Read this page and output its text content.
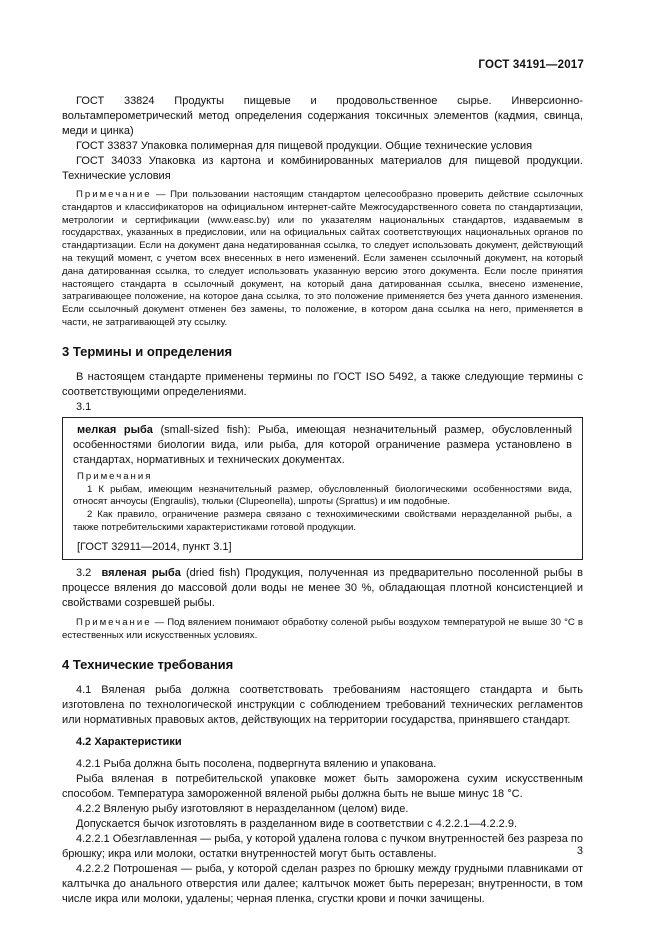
ГОСТ 34191—2017

ГОСТ 33824 Продукты пищевые и продовольственное сырье. Инверсионно-вольтамперометрический метод определения содержания токсичных элементов (кадмия, свинца, меди и цинка)

ГОСТ 33837 Упаковка полимерная для пищевой продукции. Общие технические условия

ГОСТ 34033 Упаковка из картона и комбинированных материалов для пищевой продукции. Технические условия

Примечание — При пользовании настоящим стандартом целесообразно проверить действие ссылочных стандартов и классификаторов на официальном интернет-сайте Межгосударственного совета по стандартизации, метрологии и сертификации (www.easc.by) или по указателям национальных стандартов, издаваемым в государствах, указанных в предисловии, или на официальных сайтах соответствующих национальных органов по стандартизации. Если на документ дана недатированная ссылка, то следует использовать документ, действующий на текущий момент, с учетом всех внесенных в него изменений. Если заменен ссылочный документ, на который дана датированная ссылка, то следует использовать указанную версию этого документа. Если после принятия настоящего стандарта в ссылочный документ, на который дана датированная ссылка, внесено изменение, затрагивающее положение, на которое дана ссылка, то это положение применяется без учета данного изменения. Если ссылочный документ отменен без замены, то положение, в котором дана ссылка на него, применяется в части, не затрагивающей эту ссылку.

3 Термины и определения

В настоящем стандарте применены термины по ГОСТ ISO 5492, а также следующие термины с соответствующими определениями.

3.1

мелкая рыба (small-sized fish): Рыба, имеющая незначительный размер, обусловленный особенностями биологии вида, или рыба, для которой ограничение размера установлено в стандартах, нормативных и технических документах.

Примечания

1 К рыбам, имеющим незначительный размер, обусловленный биологическими особенностями вида, относят анчоусы (Engraulis), тюльки (Clupeonella), шпроты (Sprattus) и им подобные.

2 Как правило, ограничение размера связано с технохимическими свойствами неразделанной рыбы, а также потребительскими характеристиками готовой продукции.

[ГОСТ 32911—2014, пункт 3.1]

3.2 вяленая рыба (dried fish) Продукция, полученная из предварительно посоленной рыбы в процессе вяления до массовой доли воды не менее 30 %, обладающая плотной консистенцией и свойствами созревшей рыбы.

Примечание — Под вялением понимают обработку соленой рыбы воздухом температурой не выше 30 °С в естественных или искусственных условиях.

4 Технические требования

4.1 Вяленая рыба должна соответствовать требованиям настоящего стандарта и быть изготовлена по технологической инструкции с соблюдением требований технических регламентов или нормативных правовых актов, действующих на территории государства, принявшего стандарт.

4.2 Характеристики

4.2.1 Рыба должна быть посолена, подвергнута вялению и упакована.

Рыба вяленая в потребительской упаковке может быть заморожена сухим искусственным способом. Температура замороженной вяленой рыбы должна быть не выше минус 18 °С.

4.2.2 Вяленую рыбу изготовляют в неразделанном (целом) виде.

Допускается бычок изготовлять в разделанном виде в соответствии с 4.2.2.1—4.2.2.9.

4.2.2.1 Обезглавленная — рыба, у которой удалена голова с пучком внутренностей без разреза по брюшку; икра или молоки, остатки внутренностей могут быть оставлены.

4.2.2.2 Потрошеная — рыба, у которой сделан разрез по брюшку между грудными плавниками от калтычка до анального отверстия или далее; калтычок может быть перерезан; внутренности, в том числе икра или молоки, удалены; черная пленка, сгустки крови и почки зачищены.

3
